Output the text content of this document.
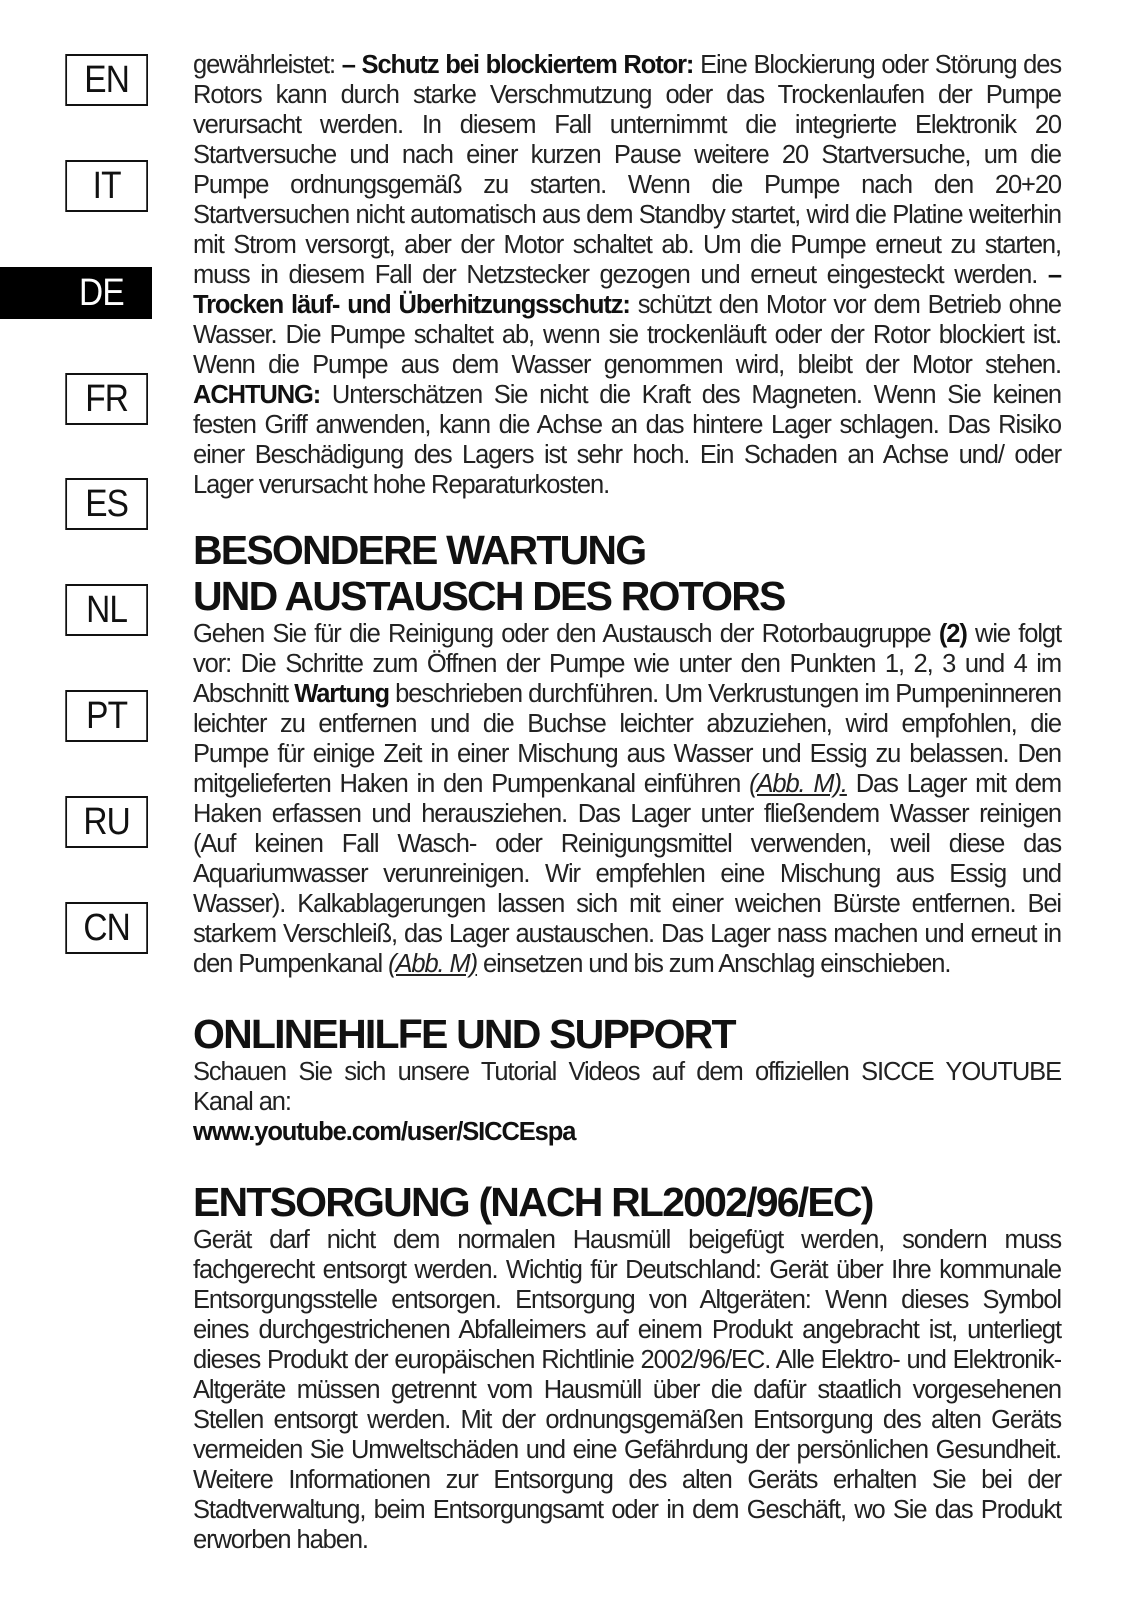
EN
IT
DE
FR
ES
NL
PT
RU
CN

gewährleistet: – Schutz bei blockiertem Rotor: Eine Blockierung oder Störung des Rotors kann durch starke Verschmutzung oder das Trockenlaufen der Pumpe verursacht werden. In diesem Fall unternimmt die integrierte Elektronik 20 Startversuche und nach einer kurzen Pause weitere 20 Startversuche, um die Pumpe ordnungsgemäß zu starten. Wenn die Pumpe nach den 20+20 Startversuchen nicht automatisch aus dem Standby startet, wird die Platine weiterhin mit Strom versorgt, aber der Motor schaltet ab. Um die Pumpe erneut zu starten, muss in diesem Fall der Netzstecker gezogen und erneut eingesteckt werden. – Trocken läuf- und Überhitzungsschutz: schützt den Motor vor dem Betrieb ohne Wasser. Die Pumpe schaltet ab, wenn sie trockenläuft oder der Rotor blockiert ist. Wenn die Pumpe aus dem Wasser genommen wird, bleibt der Motor stehen. ACHTUNG: Unterschätzen Sie nicht die Kraft des Magneten. Wenn Sie keinen festen Griff anwenden, kann die Achse an das hintere Lager schlagen. Das Risiko einer Beschädigung des Lagers ist sehr hoch. Ein Schaden an Achse und/ oder Lager verursacht hohe Reparaturkosten.

BESONDERE WARTUNG
UND AUSTAUSCH DES ROTORS

Gehen Sie für die Reinigung oder den Austausch der Rotorbaugruppe (2) wie folgt vor: Die Schritte zum Öffnen der Pumpe wie unter den Punkten 1, 2, 3 und 4 im Abschnitt Wartung beschrieben durchführen. Um Verkrustungen im Pumpeninneren leichter zu entfernen und die Buchse leichter abzuziehen, wird empfohlen, die Pumpe für einige Zeit in einer Mischung aus Wasser und Essig zu belassen. Den mitgelieferten Haken in den Pumpenkanal einführen (Abb. M). Das Lager mit dem Haken erfassen und herausziehen. Das Lager unter fließendem Wasser reinigen (Auf keinen Fall Wasch- oder Reinigungsmittel verwenden, weil diese das Aquariumwasser verunreinigen. Wir empfehlen eine Mischung aus Essig und Wasser). Kalkablagerungen lassen sich mit einer weichen Bürste entfernen. Bei starkem Verschleiß, das Lager austauschen. Das Lager nass machen und erneut in den Pumpenkanal (Abb. M) einsetzen und bis zum Anschlag einschieben.

ONLINEHILFE UND SUPPORT

Schauen Sie sich unsere Tutorial Videos auf dem offiziellen SICCE YOUTUBE Kanal an:
www.youtube.com/user/SICCEspa

ENTSORGUNG (NACH RL2002/96/EC)

Gerät darf nicht dem normalen Hausmüll beigefügt werden, sondern muss fachgerecht entsorgt werden. Wichtig für Deutschland: Gerät über Ihre kommunale Entsorgungsstelle entsorgen. Entsorgung von Altgeräten: Wenn dieses Symbol eines durchgestrichenen Abfalleimers auf einem Produkt angebracht ist, unterliegt dieses Produkt der europäischen Richtlinie 2002/96/EC. Alle Elektro- und Elektronik-Altgeräte müssen getrennt vom Hausmüll über die dafür staatlich vorgesehenen Stellen entsorgt werden. Mit der ordnungsgemäßen Entsorgung des alten Geräts vermeiden Sie Umweltschäden und eine Gefährdung der persönlichen Gesundheit. Weitere Informationen zur Entsorgung des alten Geräts erhalten Sie bei der Stadtverwaltung, beim Entsorgungsamt oder in dem Geschäft, wo Sie das Produkt erworben haben.
